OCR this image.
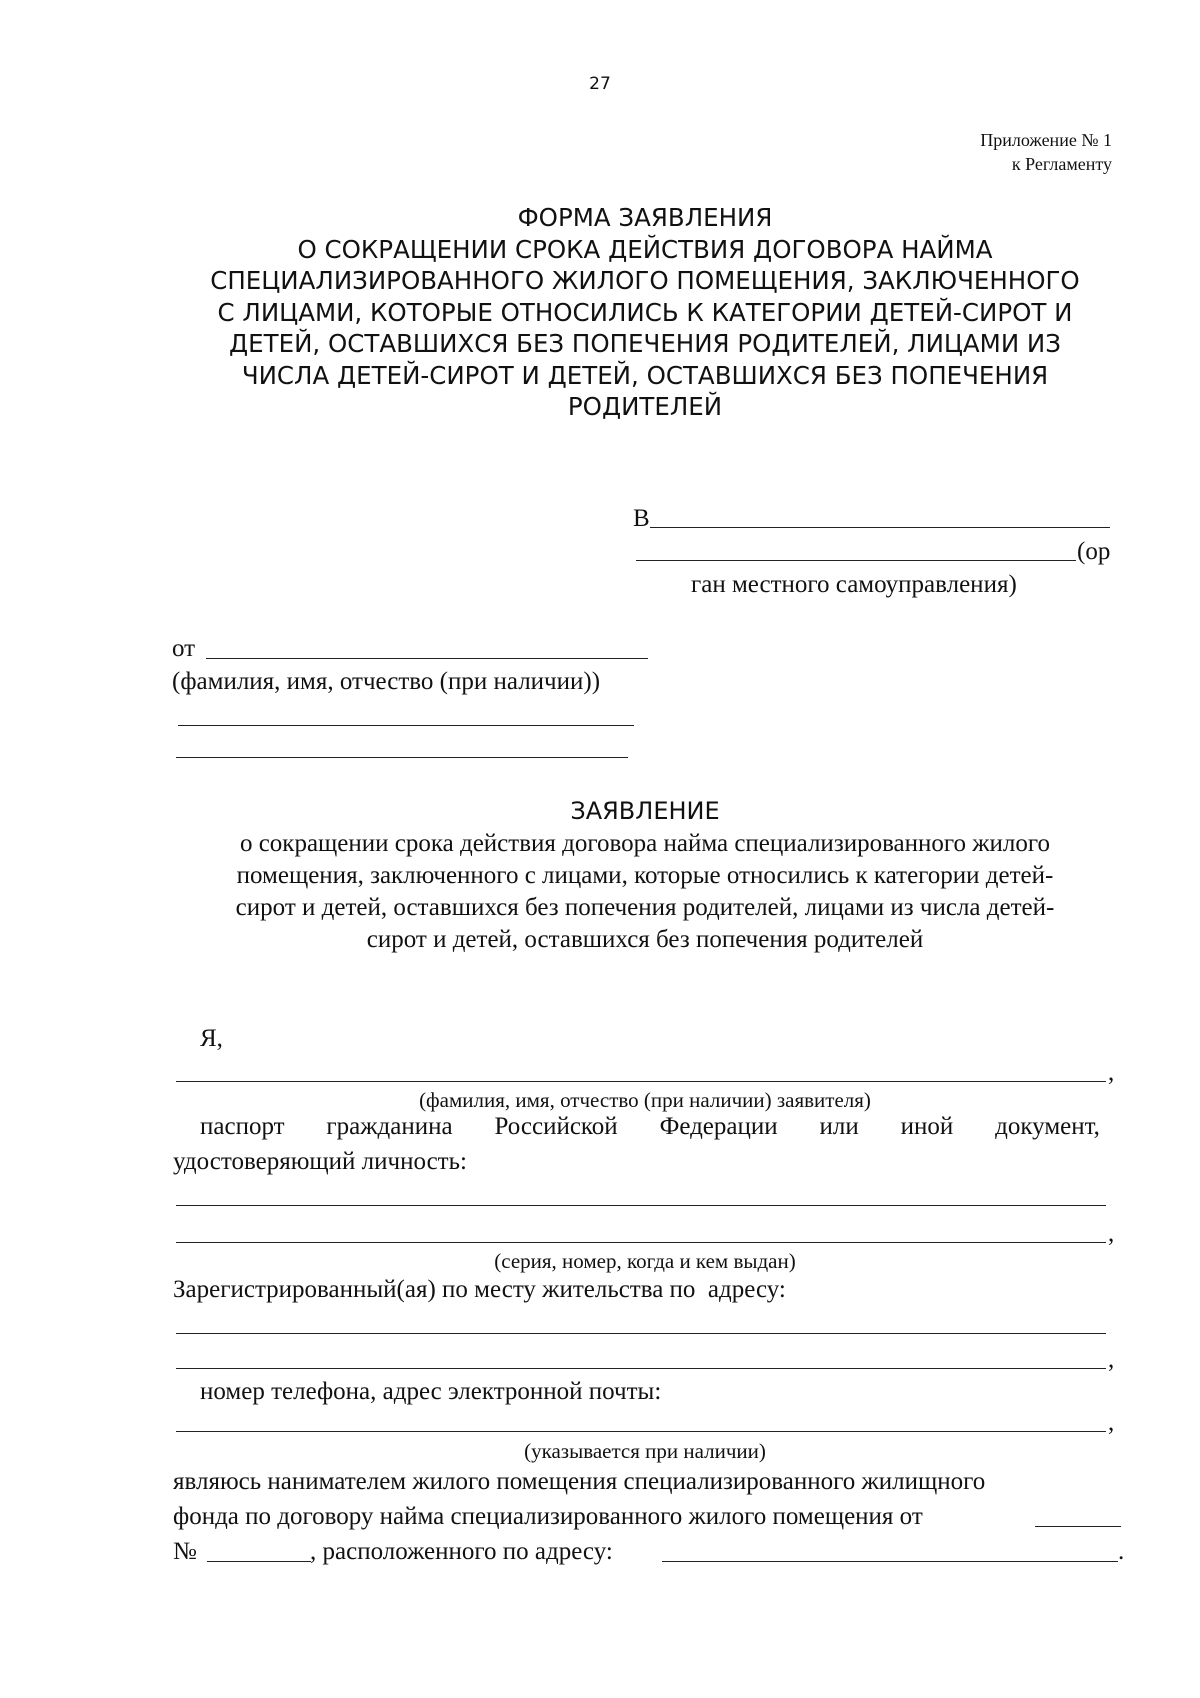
27
Приложение № 1
к Регламенту
ФОРМА ЗАЯВЛЕНИЯ
О СОКРАЩЕНИИ СРОКА ДЕЙСТВИЯ ДОГОВОРА НАЙМА
СПЕЦИАЛИЗИРОВАННОГО ЖИЛОГО ПОМЕЩЕНИЯ, ЗАКЛЮЧЕННОГО
С ЛИЦАМИ, КОТОРЫЕ ОТНОСИЛИСЬ К КАТЕГОРИИ ДЕТЕЙ-СИРОТ И
ДЕТЕЙ, ОСТАВШИХСЯ БЕЗ ПОПЕЧЕНИЯ РОДИТЕЛЕЙ, ЛИЦАМИ ИЗ
ЧИСЛА ДЕТЕЙ-СИРОТ И ДЕТЕЙ, ОСТАВШИХСЯ БЕЗ ПОПЕЧЕНИЯ
РОДИТЕЛЕЙ
В
(ор
ган местного самоуправления)
от
(фамилия, имя, отчество (при наличии))
ЗАЯВЛЕНИЕ
о сокращении срока действия договора найма специализированного жилого
помещения, заключенного с лицами, которые относились к категории детей-
сирот и детей, оставшихся без попечения родителей, лицами из числа детей-
сирот и детей, оставшихся без попечения родителей
Я,
,
(фамилия, имя, отчество (при наличии) заявителя)
паспорт гражданина Российской Федерации или иной документ,
удостоверяющий личность:
,
(серия, номер, когда и кем выдан)
Зарегистрированный(ая) по месту жительства по  адресу:
,
номер телефона, адрес электронной почты:
,
(указывается при наличии)
являюсь нанимателем жилого помещения специализированного жилищного
фонда по договору найма специализированного жилого помещения от
№	, расположенного по адресу:	.
